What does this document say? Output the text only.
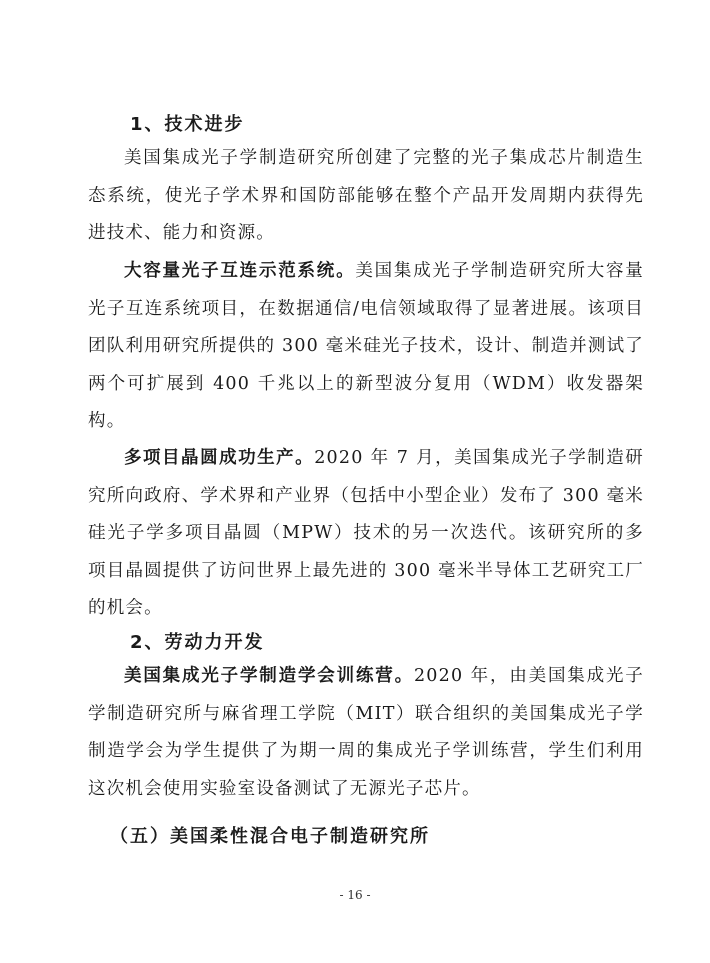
1、技术进步

美国集成光子学制造研究所创建了完整的光子集成芯片制造生态系统，使光子学术界和国防部能够在整个产品开发周期内获得先进技术、能力和资源。

大容量光子互连示范系统。美国集成光子学制造研究所大容量光子互连系统项目，在数据通信/电信领域取得了显著进展。该项目团队利用研究所提供的 300 毫米硅光子技术，设计、制造并测试了两个可扩展到 400 千兆以上的新型波分复用（WDM）收发器架构。

多项目晶圆成功生产。2020 年 7 月，美国集成光子学制造研究所向政府、学术界和产业界（包括中小型企业）发布了 300 毫米硅光子学多项目晶圆（MPW）技术的另一次迭代。该研究所的多项目晶圆提供了访问世界上最先进的 300 毫米半导体工艺研究工厂的机会。

2、劳动力开发

美国集成光子学制造学会训练营。2020 年，由美国集成光子学制造研究所与麻省理工学院（MIT）联合组织的美国集成光子学制造学会为学生提供了为期一周的集成光子学训练营，学生们利用这次机会使用实验室设备测试了无源光子芯片。

（五）美国柔性混合电子制造研究所
- 16 -
